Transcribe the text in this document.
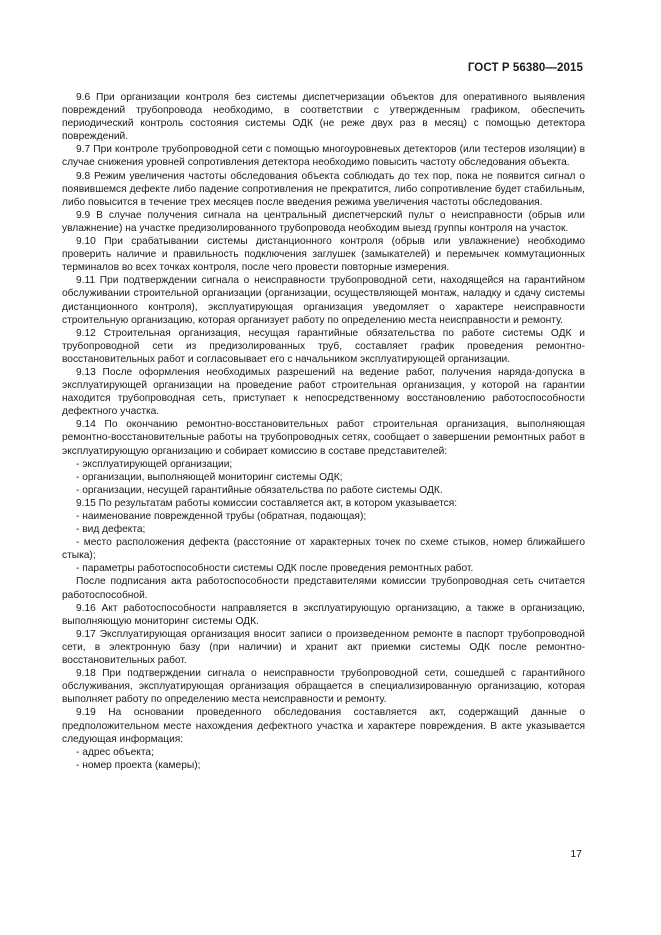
ГОСТ Р 56380—2015

9.6 При организации контроля без системы диспетчеризации объектов для оперативного выявления повреждений трубопровода необходимо, в соответствии с утвержденным графиком, обеспечить периодический контроль состояния системы ОДК (не реже двух раз в месяц) с помощью детектора повреждений.

9.7 При контроле трубопроводной сети с помощью многоуровневых детекторов (или тестеров изоляции) в случае снижения уровней сопротивления детектора необходимо повысить частоту обследования объекта.

9.8 Режим увеличения частоты обследования объекта соблюдать до тех пор, пока не появится сигнал о появившемся дефекте либо падение сопротивления не прекратится, либо сопротивление будет стабильным, либо повысится в течение трех месяцев после введения режима увеличения частоты обследования.

9.9 В случае получения сигнала на центральный диспетчерский пульт о неисправности (обрыв или увлажнение) на участке предизолированного трубопровода необходим выезд группы контроля на участок.

9.10 При срабатывании системы дистанционного контроля (обрыв или увлажнение) необходимо проверить наличие и правильность подключения заглушек (замыкателей) и перемычек коммутационных терминалов во всех точках контроля, после чего провести повторные измерения.

9.11 При подтверждении сигнала о неисправности трубопроводной сети, находящейся на гарантийном обслуживании строительной организации (организации, осуществляющей монтаж, наладку и сдачу системы дистанционного контроля), эксплуатирующая организация уведомляет о характере неисправности строительную организацию, которая организует работу по определению места неисправности и ремонту.

9.12 Строительная организация, несущая гарантийные обязательства по работе системы ОДК и трубопроводной сети из предизолированных труб, составляет график проведения ремонтно-восстановительных работ и согласовывает его с начальником эксплуатирующей организации.

9.13 После оформления необходимых разрешений на ведение работ, получения наряда-допуска в эксплуатирующей организации на проведение работ строительная организация, у которой на гарантии находится трубопроводная сеть, приступает к непосредственному восстановлению работоспособности дефектного участка.

9.14 По окончанию ремонтно-восстановительных работ строительная организация, выполняющая ремонтно-восстановительные работы на трубопроводных сетях, сообщает о завершении ремонтных работ в эксплуатирующую организацию и собирает комиссию в составе представителей:

- эксплуатирующей организации;

- организации, выполняющей мониторинг системы ОДК;

- организации, несущей гарантийные обязательства по работе системы ОДК.

9.15 По результатам работы комиссии составляется акт, в котором указывается:

- наименование поврежденной трубы (обратная, подающая);

- вид дефекта;

- место расположения дефекта (расстояние от характерных точек по схеме стыков, номер ближайшего стыка);

- параметры работоспособности системы ОДК после проведения ремонтных работ.

После подписания акта работоспособности представителями комиссии трубопроводная сеть считается работоспособной.

9.16 Акт работоспособности направляется в эксплуатирующую организацию, а также в организацию, выполняющую мониторинг системы ОДК.

9.17 Эксплуатирующая организация вносит записи о произведенном ремонте в паспорт трубопроводной сети, в электронную базу (при наличии) и хранит акт приемки системы ОДК после ремонтно-восстановительных работ.

9.18 При подтверждении сигнала о неисправности трубопроводной сети, сошедшей с гарантийного обслуживания, эксплуатирующая организация обращается в специализированную организацию, которая выполняет работу по определению места неисправности и ремонту.

9.19 На основании проведенного обследования составляется акт, содержащий данные о предположительном месте нахождения дефектного участка и характере повреждения. В акте указывается следующая информация:

- адрес объекта;

- номер проекта (камеры);

17
